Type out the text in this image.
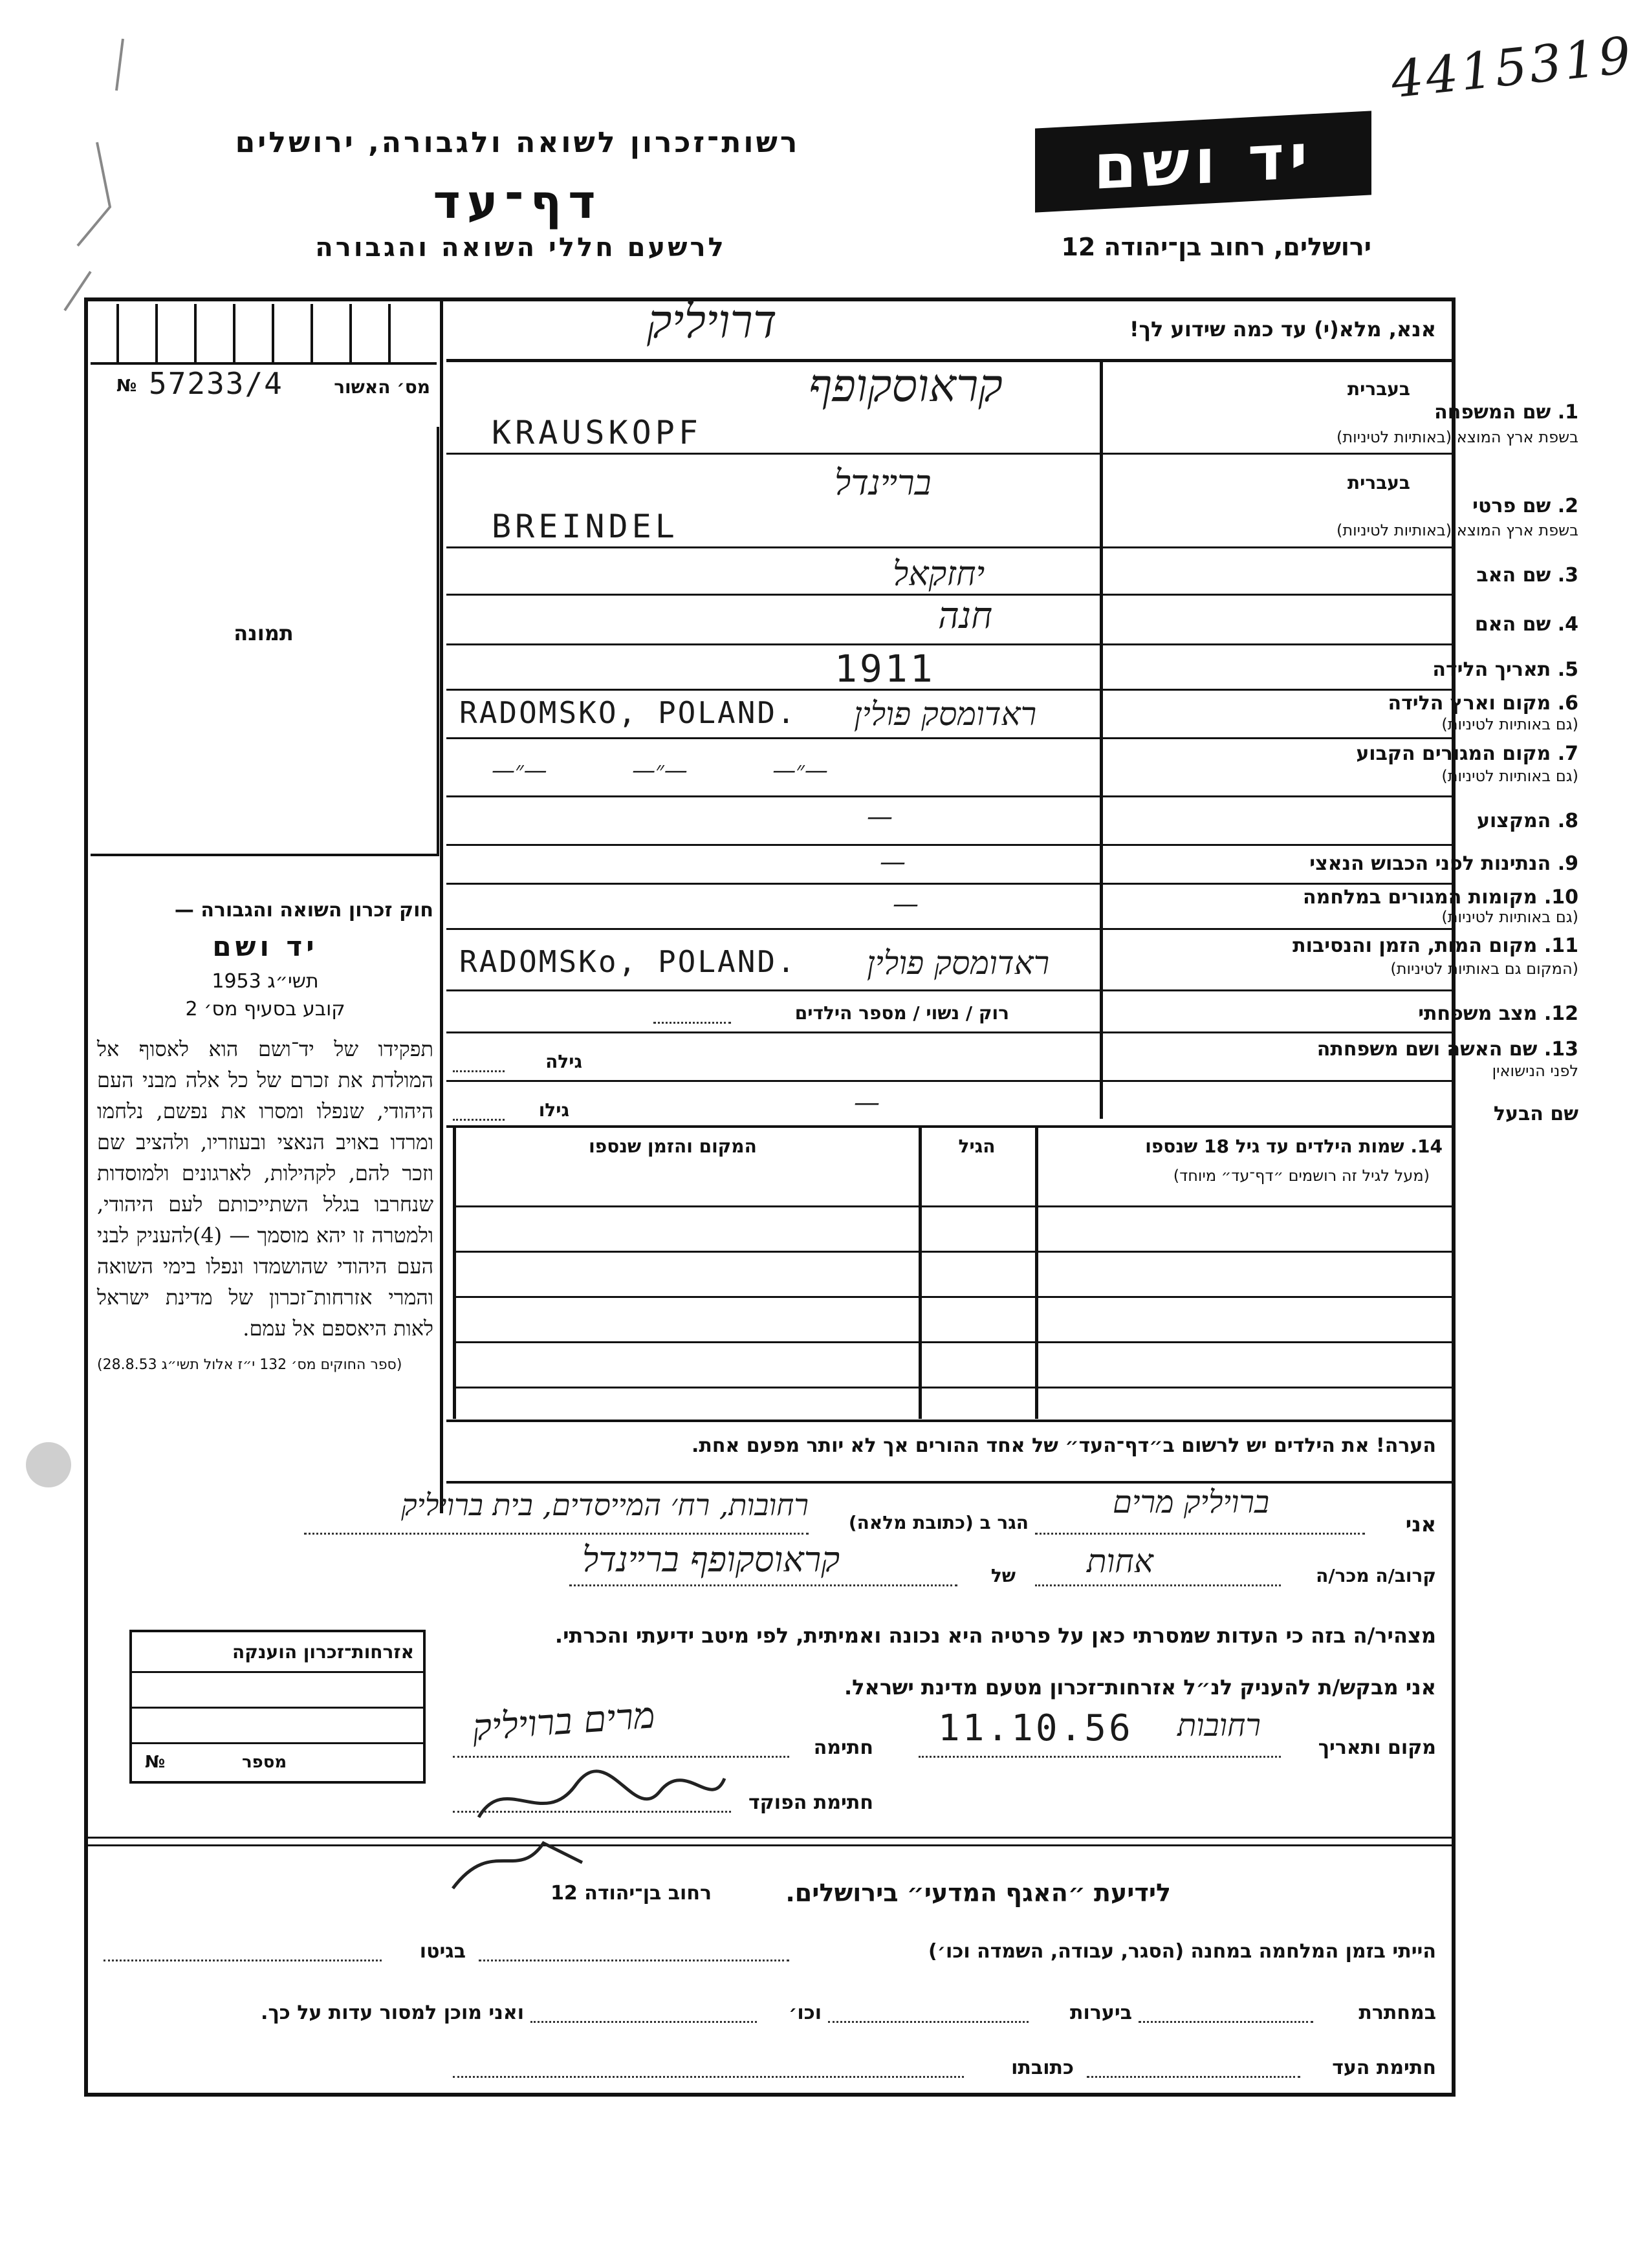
4415319
יד ושם
רשות־זכרון לשואה ולגבורה, ירושלים
דף־עד
לרשעם חללי השואה והגבורה	ירושלים, רחוב בן־יהודה 12
№ 57233/4	מס׳ האשור
תמונה
חוק זכרון השואה והגבורה —
יד ושם
תשי״ג 1953
קובע בסעיף מס׳ 2
תפקידו של יד־ושם הוא לאסוף אל המולדת את זכרם של כל אלה מבני העם היהודי, שנפלו ומסרו את נפשם, נלחמו ומרדו באויב הנאצי ובעוזריו, ולהציב שם וזכר להם, לקהילות, לארגונים ולמוסדות שנחרבו בגלל השתייכותם לעם היהודי, ולמטרה זו יהא מוסמך — (4)להעניק לבני העם היהודי שהושמדו ונפלו בימי השואה והמרי אזרחות־זכרון של מדינת ישראל לאות היאספם אל עמם.
(ספר החוקים מס׳ 132 י״ז אלול תשי״ג 28.8.53)
אנא, מלא(י) עד כמה שידוע לך!
דרויליק
בעברית
1. שם המשפחה
בשפת ארץ המוצא (באותיות לטיניות)
קראוסקופף
KRAUSKOPF
בעברית
2. שם פרטי
בשפת ארץ המוצא (באותיות לטיניות)
ברײנדל
BREINDEL
3. שם האב
יחזקאל
4. שם האם
חנה
5. תאריך הלידה
1911
6. מקום וארץ הלידה
(גם באותיות לטיניות)
RADOMSKO, POLAND. ראדומסק פולין
7. מקום המגורים הקבוע
(גם באותיות לטיניות)
—״— —״— —״—
8. המקצוע
—
9. הנתינות לפני הכבוש הנאצי
—
10. מקומות המגורים במלחמה
(גם באותיות לטיניות)
—
11. מקום המות, הזמן והנסיבות
(המקום גם באותיות לטיניות)
RADOMSKo, POLAND. ראדומסק פולין
12. מצב משפחתי
רוק / נשוי / מספר הילדים
13. שם האשה ושם משפחתה
לפני הנישואין
גילה
שם הבעל
גילו	—
המקום והזמן שנספו	הגיל	14. שמות הילדים עד גיל 18 שנספו
(מעל לגיל זה רושמים ״דף־עד״ מיוחד)
הערה! את הילדים יש לרשום ב״דף־העד״ של אחד ההורים אך לא יותר מפעם אחת.
אני
ברויליק מרים
הגר ב (כתובת מלאה)
רחובות, רח׳ המייסדים, בית ברויליק
קרוב/ה מכר/ה
אחות
של
קראוסקופף ברײנדל
מצהיר/ה בזה כי העדות שמסרתי כאן על פרטיה היא נכונה ואמיתית, לפי מיטב ידיעתי והכרתי.
אני מבקש/ת להעניק לנ״ל אזרחות־זכרון מטעם מדינת ישראל.
מקום ותאריך
רחובות
11.10.56
חתימה
מרים ברויליק
חתימת הפוקד
אזרחות־זכרון הוענקה
№	מספר
לידיעת ״האגף המדעי״ בירושלים.
רחוב בן־יהודה 12
הייתי בזמן המלחמה במחנה (הסגר, עבודה, השמדה וכו׳)
בגיטו
במחתרת
ביערות
וכו׳
ואני מוכן למסור עדות על כך.
חתימת העד
כתובתו
